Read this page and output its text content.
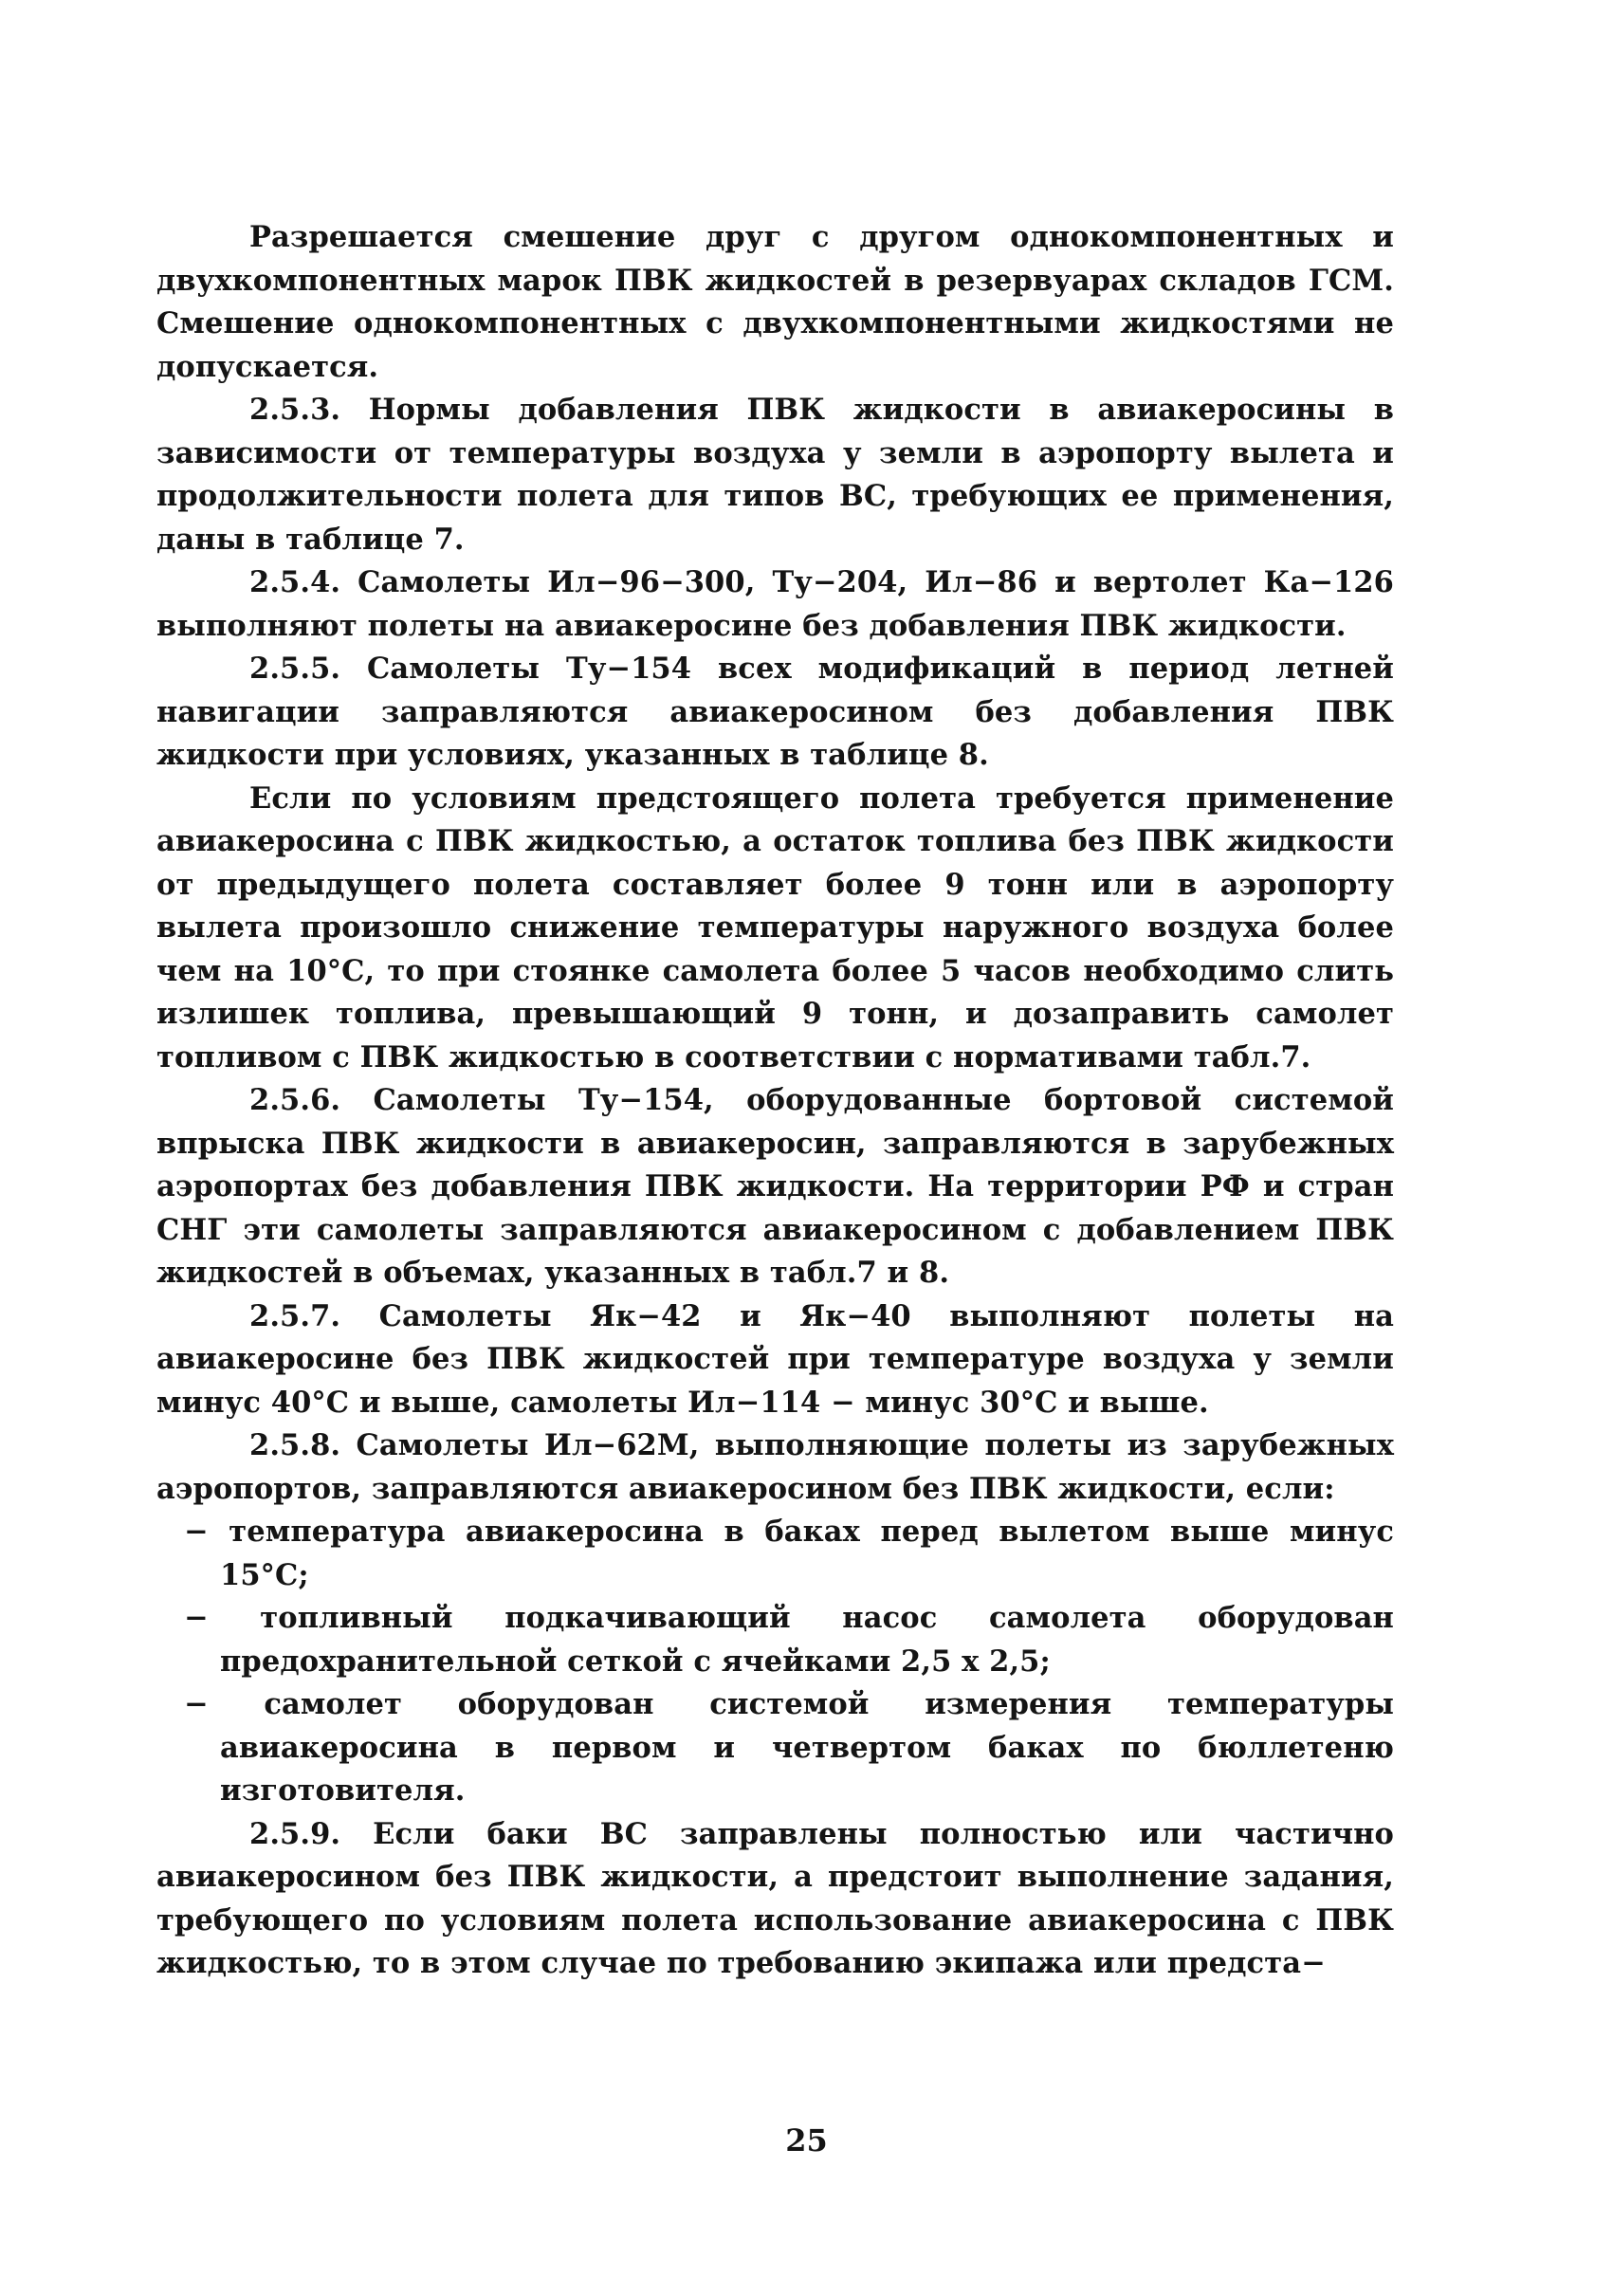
Разрешается смешение друг с другом однокомпонентных и двухкомпонентных марок ПВК жидкостей в резервуарах складов ГСМ. Смешение однокомпонентных с двухкомпонентными жидкостями не допускается.

2.5.3. Нормы добавления ПВК жидкости в авиакеросины в зависимости от температуры воздуха у земли в аэропорту вылета и продолжительности полета для типов ВС, требующих ее применения, даны в таблице 7.

2.5.4. Самолеты Ил−96−300, Ту−204, Ил−86 и вертолет Ка−126 выполняют полеты на авиакеросине без добавления ПВК жидкости.

2.5.5. Самолеты Ту−154 всех модификаций в период летней навигации заправляются авиакеросином без добавления ПВК жидкости при условиях, указанных в таблице 8.

Если по условиям предстоящего полета требуется применение авиакеросина с ПВК жидкостью, а остаток топлива без ПВК жидкости от предыдущего полета составляет более 9 тонн или в аэропорту вылета произошло снижение температуры наружного воздуха более чем на 10°С, то при стоянке самолета более 5 часов необходимо слить излишек топлива, превышающий 9 тонн, и дозаправить самолет топливом с ПВК жидкостью в соответствии с нормативами табл.7.

2.5.6. Самолеты Ту−154, оборудованные бортовой системой впрыска ПВК жидкости в авиакеросин, заправляются в зарубежных аэропортах без добавления ПВК жидкости. На территории РФ и стран СНГ эти самолеты заправляются авиакеросином с добавлением ПВК жидкостей в объемах, указанных в табл.7 и 8.

2.5.7. Самолеты Як−42 и Як−40 выполняют полеты на авиакеросине без ПВК жидкостей при температуре воздуха у земли минус 40°С и выше, самолеты Ил−114 − минус 30°С и выше.

2.5.8. Самолеты Ил−62М, выполняющие полеты из зарубежных аэропортов, заправляются авиакеросином без ПВК жидкости, если:

− температура авиакеросина в баках перед вылетом выше минус 15°С;

− топливный подкачивающий насос самолета оборудован предохранительной сеткой с ячейками 2,5 х 2,5;

− самолет оборудован системой измерения температуры авиакеросина в первом и четвертом баках по бюллетеню изготовителя.

2.5.9. Если баки ВС заправлены полностью или частично авиакеросином без ПВК жидкости, а предстоит выполнение задания, требующего по условиям полета использование авиакеросина с ПВК жидкостью, то в этом случае по требованию экипажа или предста−

25
